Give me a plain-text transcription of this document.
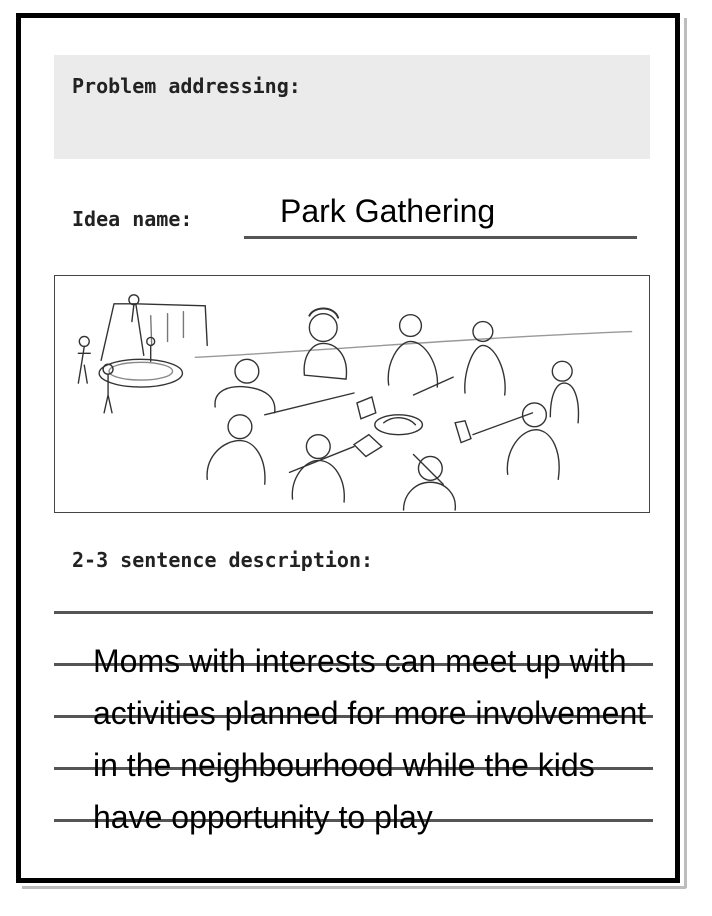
Problem addressing:
Idea name:	Park Gathering
2-3 sentence description:

Moms with interests can meet up with activities planned for more involvement in the neighbourhood while the kids have opportunity to play
